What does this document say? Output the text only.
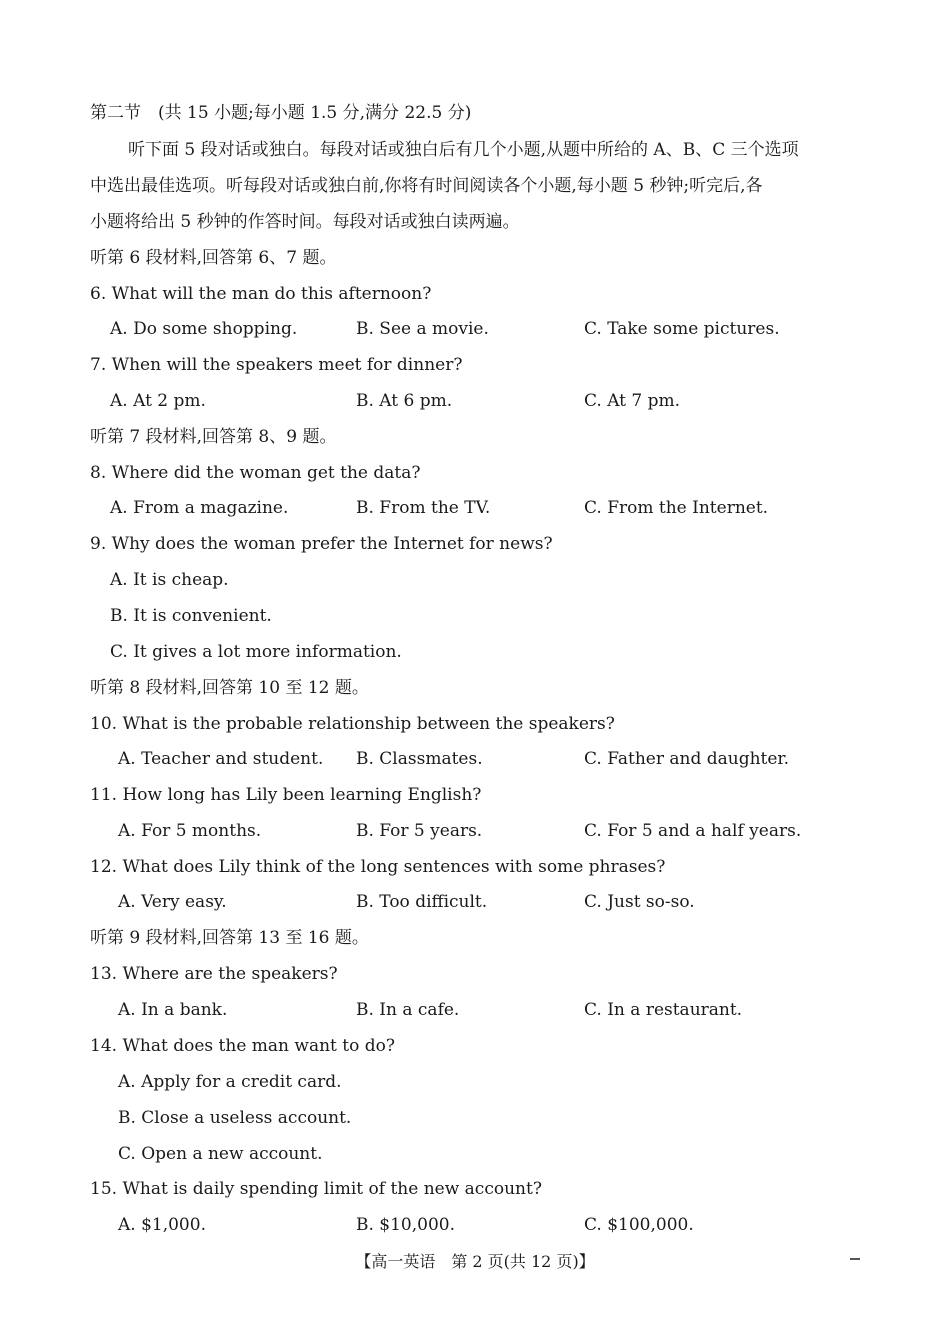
第二节　(共 15 小题;每小题 1.5 分,满分 22.5 分)
听下面 5 段对话或独白。每段对话或独白后有几个小题,从题中所给的 A、B、C 三个选项
中选出最佳选项。听每段对话或独白前,你将有时间阅读各个小题,每小题 5 秒钟;听完后,各
小题将给出 5 秒钟的作答时间。每段对话或独白读两遍。
听第 6 段材料,回答第 6、7 题。
6. What will the man do this afternoon?
A. Do some shopping.	B. See a movie.	C. Take some pictures.
7. When will the speakers meet for dinner?
A. At 2 pm.	B. At 6 pm.	C. At 7 pm.
听第 7 段材料,回答第 8、9 题。
8. Where did the woman get the data?
A. From a magazine.	B. From the TV.	C. From the Internet.
9. Why does the woman prefer the Internet for news?
A. It is cheap.
B. It is convenient.
C. It gives a lot more information.
听第 8 段材料,回答第 10 至 12 题。
10. What is the probable relationship between the speakers?
A. Teacher and student. B. Classmates.	C. Father and daughter.
11. How long has Lily been learning English?
A. For 5 months.	B. For 5 years.	C. For 5 and a half years.
12. What does Lily think of the long sentences with some phrases?
A. Very easy.	B. Too difficult.	C. Just so-so.
听第 9 段材料,回答第 13 至 16 题。
13. Where are the speakers?
A. In a bank.	B. In a cafe.	C. In a restaurant.
14. What does the man want to do?
A. Apply for a credit card.
B. Close a useless account.
C. Open a new account.
15. What is daily spending limit of the new account?
A. $1,000.	B. $10,000.	C. $100,000.
【高一英语　第 2 页(共 12 页)】
